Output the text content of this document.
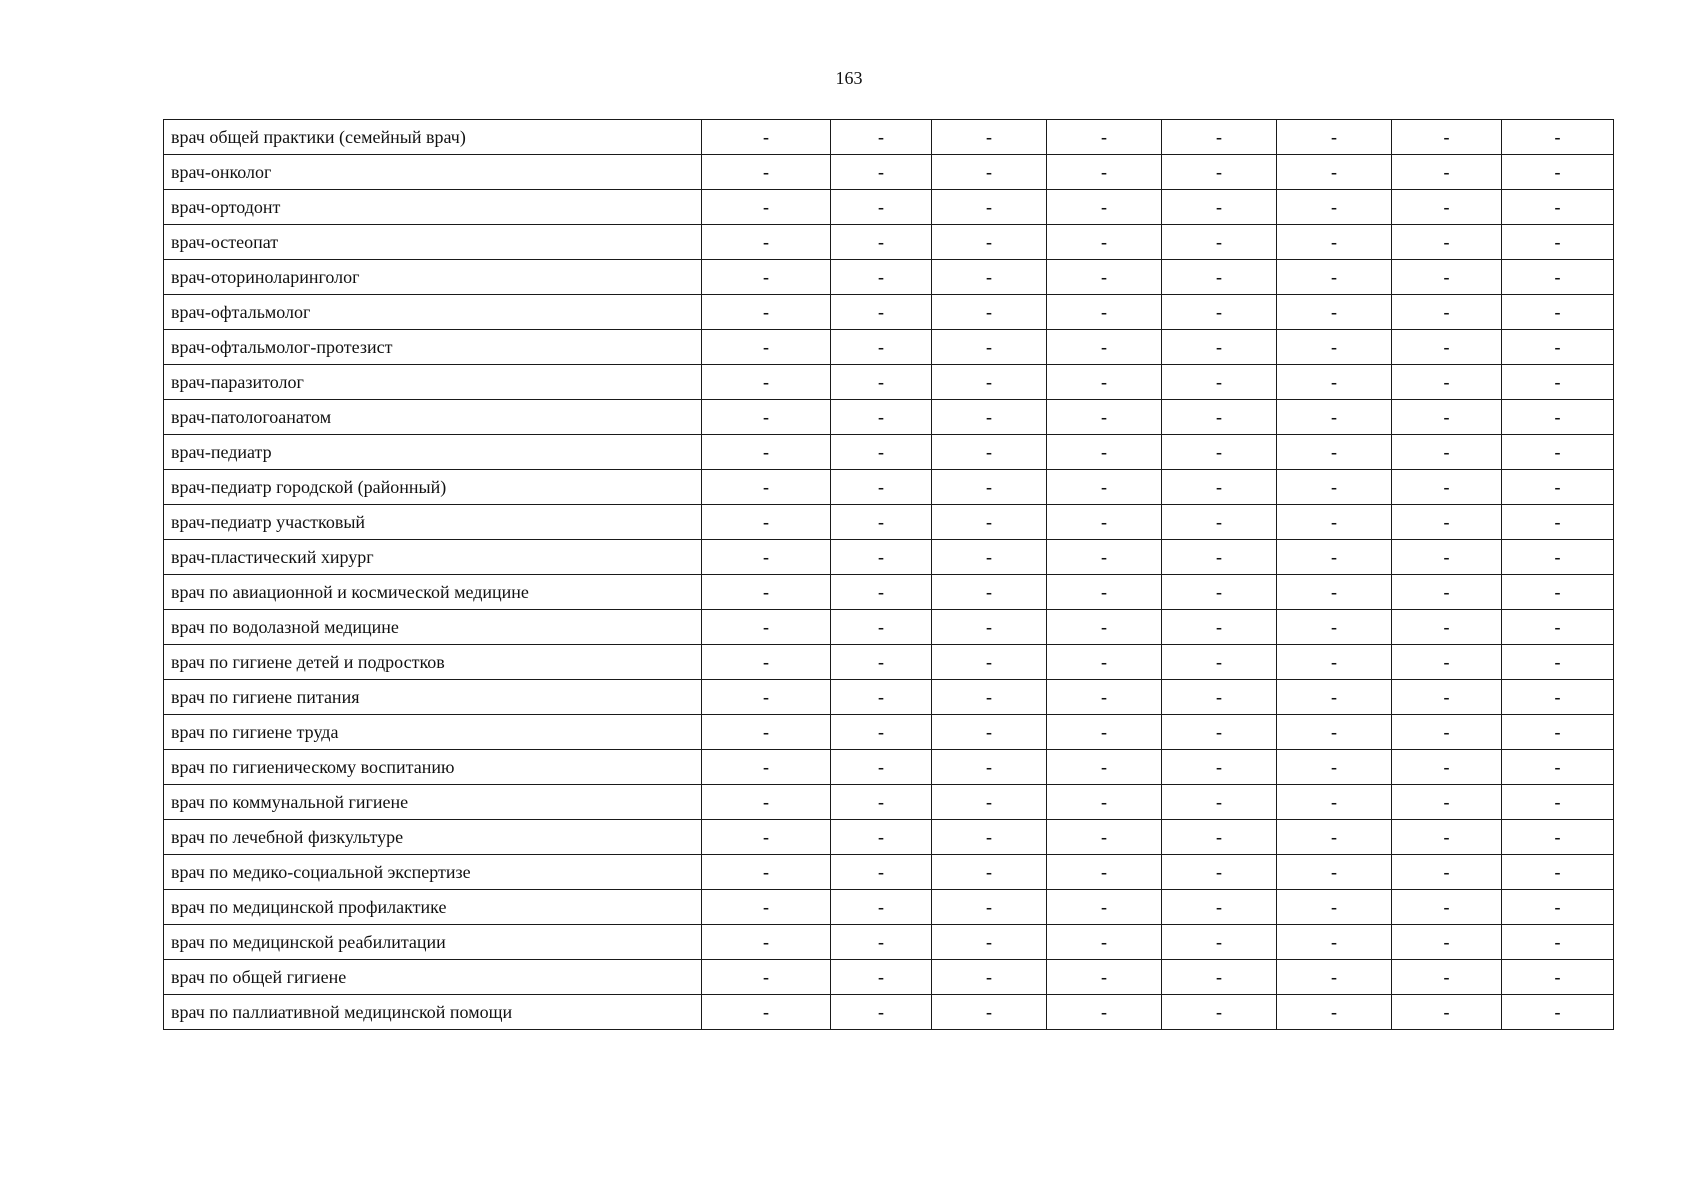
163
врач общей практики (семейный врач)	-	-	-	-	-	-	-	-
врач-онколог	-	-	-	-	-	-	-	-
врач-ортодонт	-	-	-	-	-	-	-	-
врач-остеопат	-	-	-	-	-	-	-	-
врач-оториноларинголог	-	-	-	-	-	-	-	-
врач-офтальмолог	-	-	-	-	-	-	-	-
врач-офтальмолог-протезист	-	-	-	-	-	-	-	-
врач-паразитолог	-	-	-	-	-	-	-	-
врач-патологоанатом	-	-	-	-	-	-	-	-
врач-педиатр	-	-	-	-	-	-	-	-
врач-педиатр городской (районный)	-	-	-	-	-	-	-	-
врач-педиатр участковый	-	-	-	-	-	-	-	-
врач-пластический хирург	-	-	-	-	-	-	-	-
врач по авиационной и космической медицине	-	-	-	-	-	-	-	-
врач по водолазной медицине	-	-	-	-	-	-	-	-
врач по гигиене детей и подростков	-	-	-	-	-	-	-	-
врач по гигиене питания	-	-	-	-	-	-	-	-
врач по гигиене труда	-	-	-	-	-	-	-	-
врач по гигиеническому воспитанию	-	-	-	-	-	-	-	-
врач по коммунальной гигиене	-	-	-	-	-	-	-	-
врач по лечебной физкультуре	-	-	-	-	-	-	-	-
врач по медико-социальной экспертизе	-	-	-	-	-	-	-	-
врач по медицинской профилактике	-	-	-	-	-	-	-	-
врач по медицинской реабилитации	-	-	-	-	-	-	-	-
врач по общей гигиене	-	-	-	-	-	-	-	-
врач по паллиативной медицинской помощи	-	-	-	-	-	-	-	-
